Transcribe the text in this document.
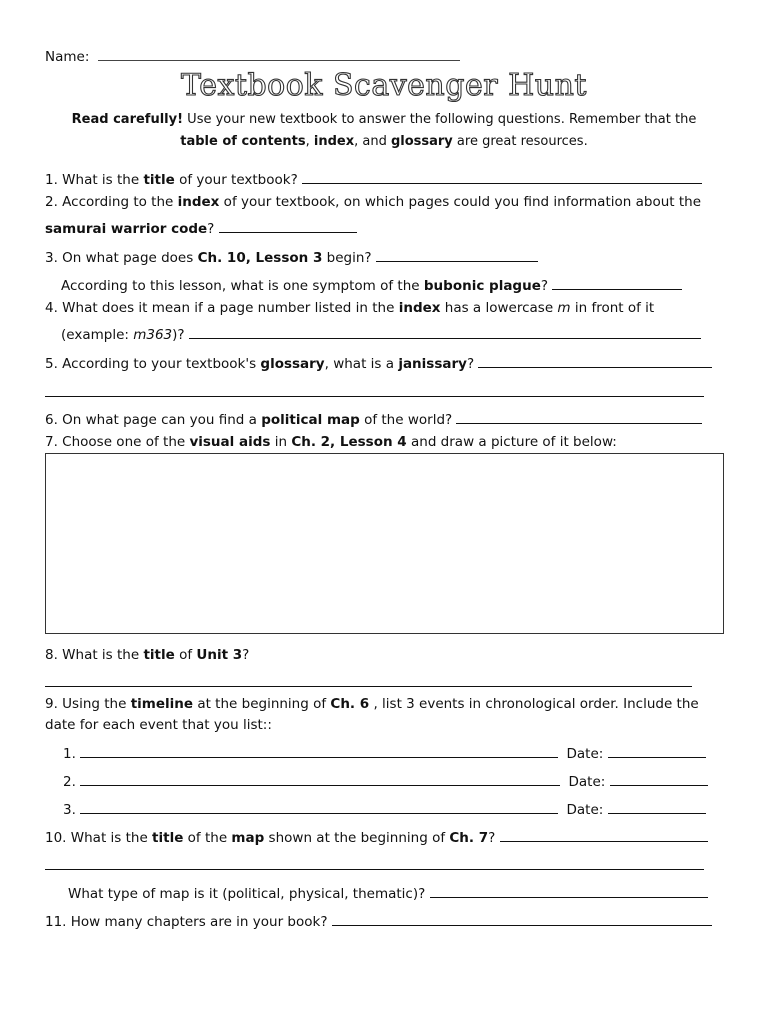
Name:
Textbook Scavenger Hunt
Read carefully! Use your new textbook to answer the following questions. Remember that the
table of contents, index, and glossary are great resources.
1. What is the title of your textbook?
2. According to the index of your textbook, on which pages could you find information about the
samurai warrior code?
3. On what page does Ch. 10, Lesson 3 begin?
According to this lesson, what is one symptom of the bubonic plague?
4. What does it mean if a page number listed in the index has a lowercase m in front of it
(example: m363)?
5. According to your textbook's glossary, what is a janissary?
6. On what page can you find a political map of the world?
7. Choose one of the visual aids in Ch. 2, Lesson 4 and draw a picture of it below:
8. What is the title of Unit 3?
9. Using the timeline at the beginning of Ch. 6 , list 3 events in chronological order. Include the
date for each event that you list::
1.	Date:
2.	Date:
3.	Date:
10. What is the title of the map shown at the beginning of Ch. 7?
What type of map is it (political, physical, thematic)?
11. How many chapters are in your book?
